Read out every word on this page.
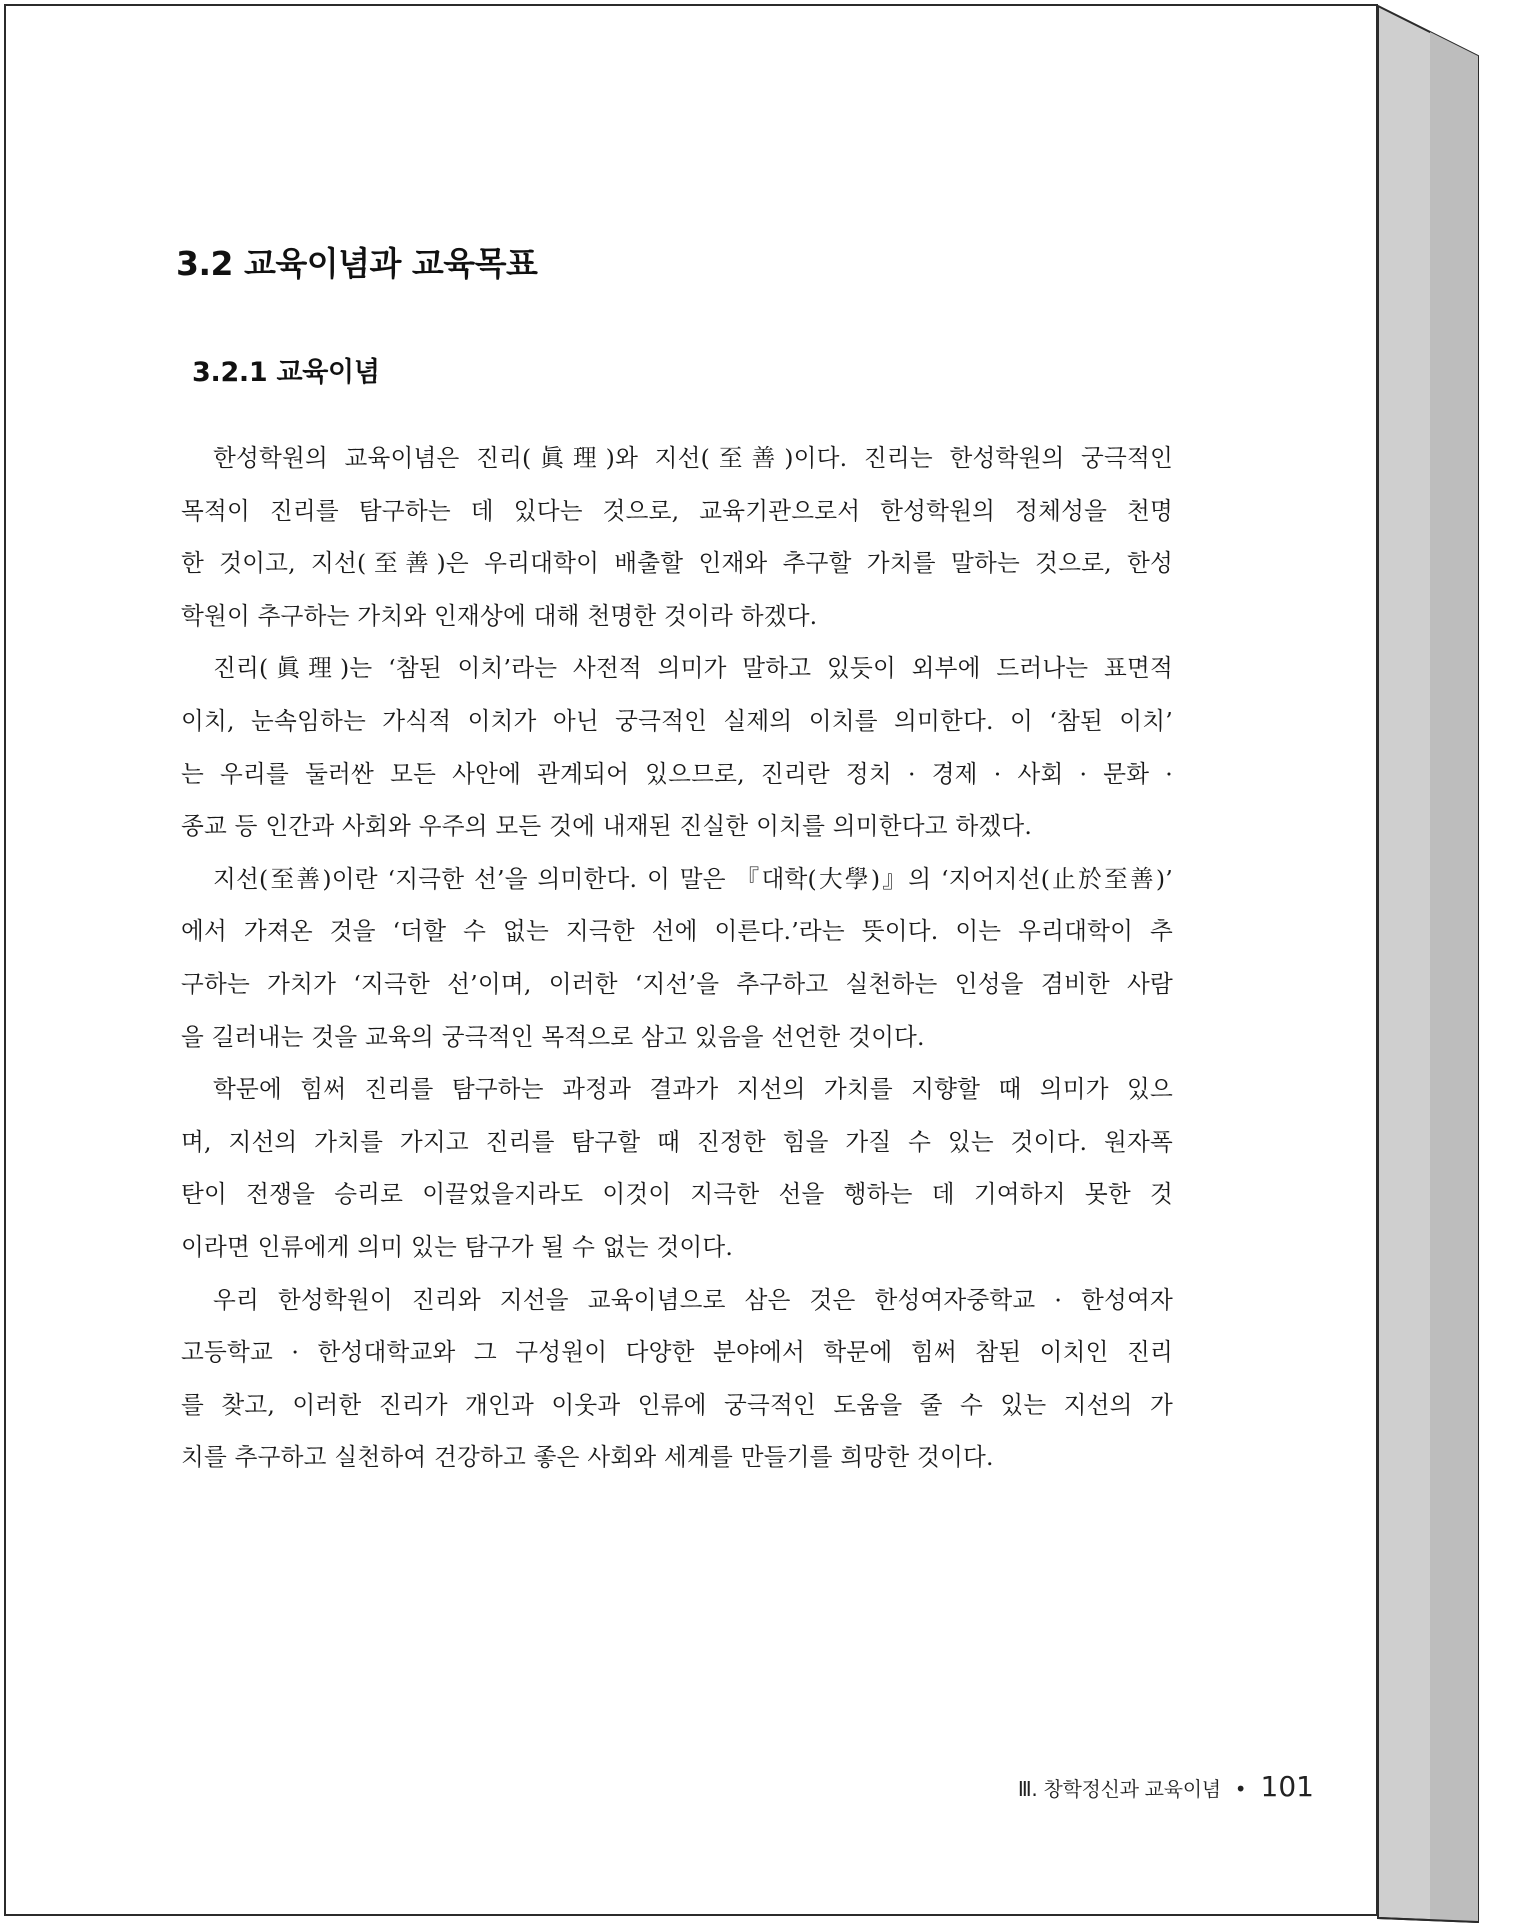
3.2 교육이념과 교육목표
3.2.1 교육이념
한성학원의 교육이념은 진리(眞理)와 지선(至善)이다. 진리는 한성학원의 궁극적인
목적이 진리를 탐구하는 데 있다는 것으로, 교육기관으로서 한성학원의 정체성을 천명
한 것이고, 지선(至善)은 우리대학이 배출할 인재와 추구할 가치를 말하는 것으로, 한성
학원이 추구하는 가치와 인재상에 대해 천명한 것이라 하겠다.
진리(眞理)는 ‘참된 이치’라는 사전적 의미가 말하고 있듯이 외부에 드러나는 표면적
이치, 눈속임하는 가식적 이치가 아닌 궁극적인 실제의 이치를 의미한다. 이 ‘참된 이치’
는 우리를 둘러싼 모든 사안에 관계되어 있으므로, 진리란 정치 · 경제 · 사회 · 문화 ·
종교 등 인간과 사회와 우주의 모든 것에 내재된 진실한 이치를 의미한다고 하겠다.
지선(至善)이란 ‘지극한 선’을 의미한다. 이 말은 『대학(大學)』의 ‘지어지선(止於至善)’
에서 가져온 것을 ‘더할 수 없는 지극한 선에 이른다.’라는 뜻이다. 이는 우리대학이 추
구하는 가치가 ‘지극한 선’이며, 이러한 ‘지선’을 추구하고 실천하는 인성을 겸비한 사람
을 길러내는 것을 교육의 궁극적인 목적으로 삼고 있음을 선언한 것이다.
학문에 힘써 진리를 탐구하는 과정과 결과가 지선의 가치를 지향할 때 의미가 있으
며, 지선의 가치를 가지고 진리를 탐구할 때 진정한 힘을 가질 수 있는 것이다. 원자폭
탄이 전쟁을 승리로 이끌었을지라도 이것이 지극한 선을 행하는 데 기여하지 못한 것
이라면 인류에게 의미 있는 탐구가 될 수 없는 것이다.
우리 한성학원이 진리와 지선을 교육이념으로 삼은 것은 한성여자중학교 · 한성여자
고등학교 · 한성대학교와 그 구성원이 다양한 분야에서 학문에 힘써 참된 이치인 진리
를 찾고, 이러한 진리가 개인과 이웃과 인류에 궁극적인 도움을 줄 수 있는 지선의 가
치를 추구하고 실천하여 건강하고 좋은 사회와 세계를 만들기를 희망한 것이다.
Ⅲ. 창학정신과 교육이념 • 101
